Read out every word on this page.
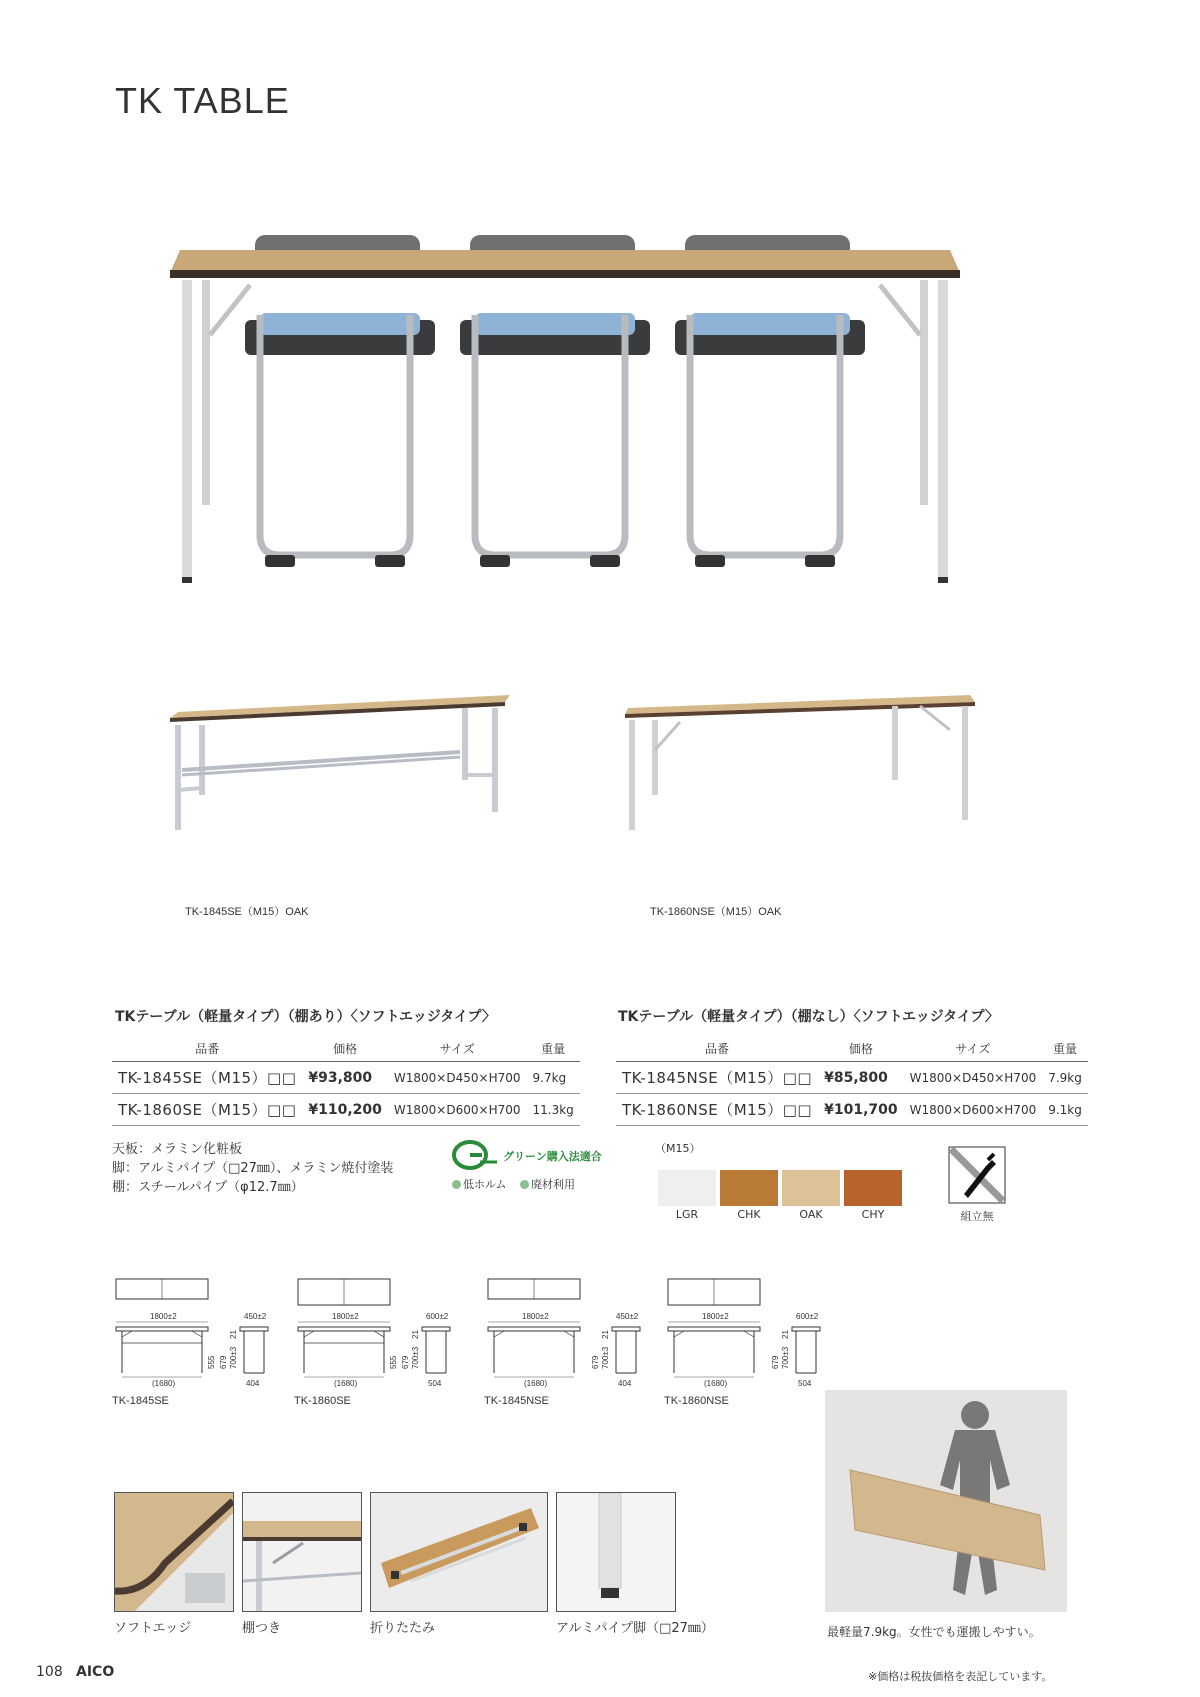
TK TABLE
TK-1845SE（M15）OAK	TK-1860NSE（M15）OAK
TKテーブル（軽量タイプ）（棚あり）〈ソフトエッジタイプ〉
品番	価格	サイズ	重量
TK-1845SE（M15）□□	¥93,800	W1800×D450×H700	9.7kg
TK-1860SE（M15）□□	¥110,200	W1800×D600×H700	11.3kg
TKテーブル（軽量タイプ）（棚なし）〈ソフトエッジタイプ〉
品番	価格	サイズ	重量
TK-1845NSE（M15）□□	¥85,800	W1800×D450×H700	7.9kg
TK-1860NSE（M15）□□	¥101,700	W1800×D600×H700	9.1kg
天板：メラミン化粧板
脚：アルミパイプ（□27㎜）、メラミン焼付塗装
棚：スチールパイプ（φ12.7㎜）
グリーン購入法適合
低ホルム	廃材利用
（M15）
LGR	CHK	OAK	CHY	組立無
1800±2
(1680)
555 679 700±3
21
450±2
404
TK-1845SE
1800±2
(1680)
555 679 700±3
21
600±2
504
TK-1860SE
1800±2
(1680)
679 700±3
21
450±2
404
TK-1845NSE
1800±2
(1680)
679 700±3
21
600±2
504
TK-1860NSE
ソフトエッジ	棚つき	折りたたみ	アルミパイプ脚（□27㎜）	最軽量7.9kg。女性でも運搬しやすい。
108 AICO	※価格は税抜価格を表記しています。
